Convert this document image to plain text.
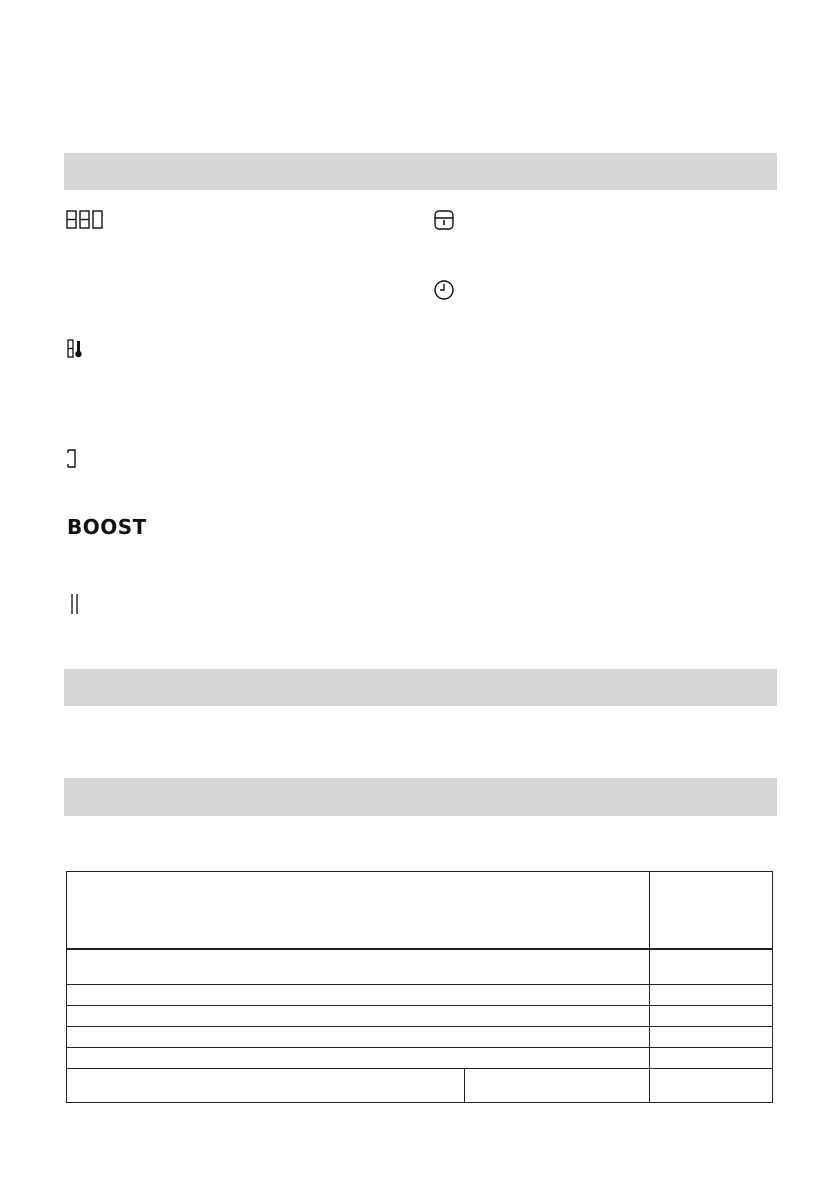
BOOST
